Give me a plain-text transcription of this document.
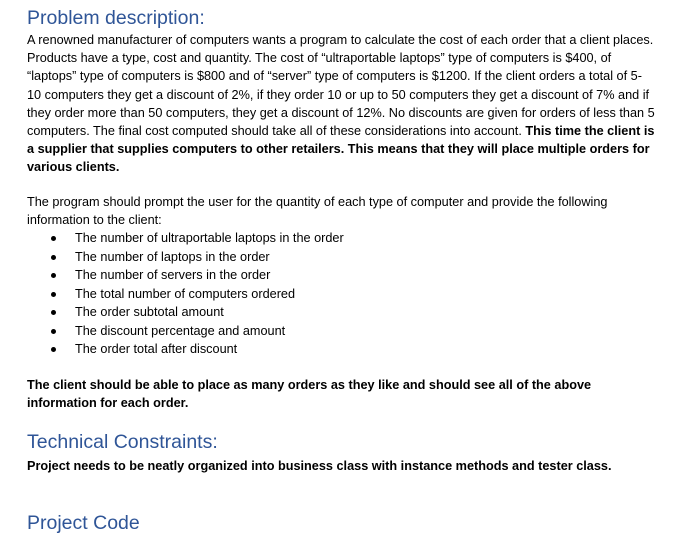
Problem description:

A renowned manufacturer of computers wants a program to calculate the cost of each order that a client places. Products have a type, cost and quantity. The cost of “ultraportable laptops” type of computers is $400, of “laptops” type of computers is $800 and of “server” type of computers is $1200. If the client orders a total of 5- 10 computers they get a discount of 2%, if they order 10 or up to 50 computers they get a discount of 7% and if they order more than 50 computers, they get a discount of 12%. No discounts are given for orders of less than 5 computers. The final cost computed should take all of these considerations into account. This time the client is a supplier that supplies computers to other retailers. This means that they will place multiple orders for various clients.

The program should prompt the user for the quantity of each type of computer and provide the following information to the client:

The number of ultraportable laptops in the order
The number of laptops in the order
The number of servers in the order
The total number of computers ordered
The order subtotal amount
The discount percentage and amount
The order total after discount

The client should be able to place as many orders as they like and should see all of the above information for each order.

Technical Constraints:

Project needs to be neatly organized into business class with instance methods and tester class.

Project Code
